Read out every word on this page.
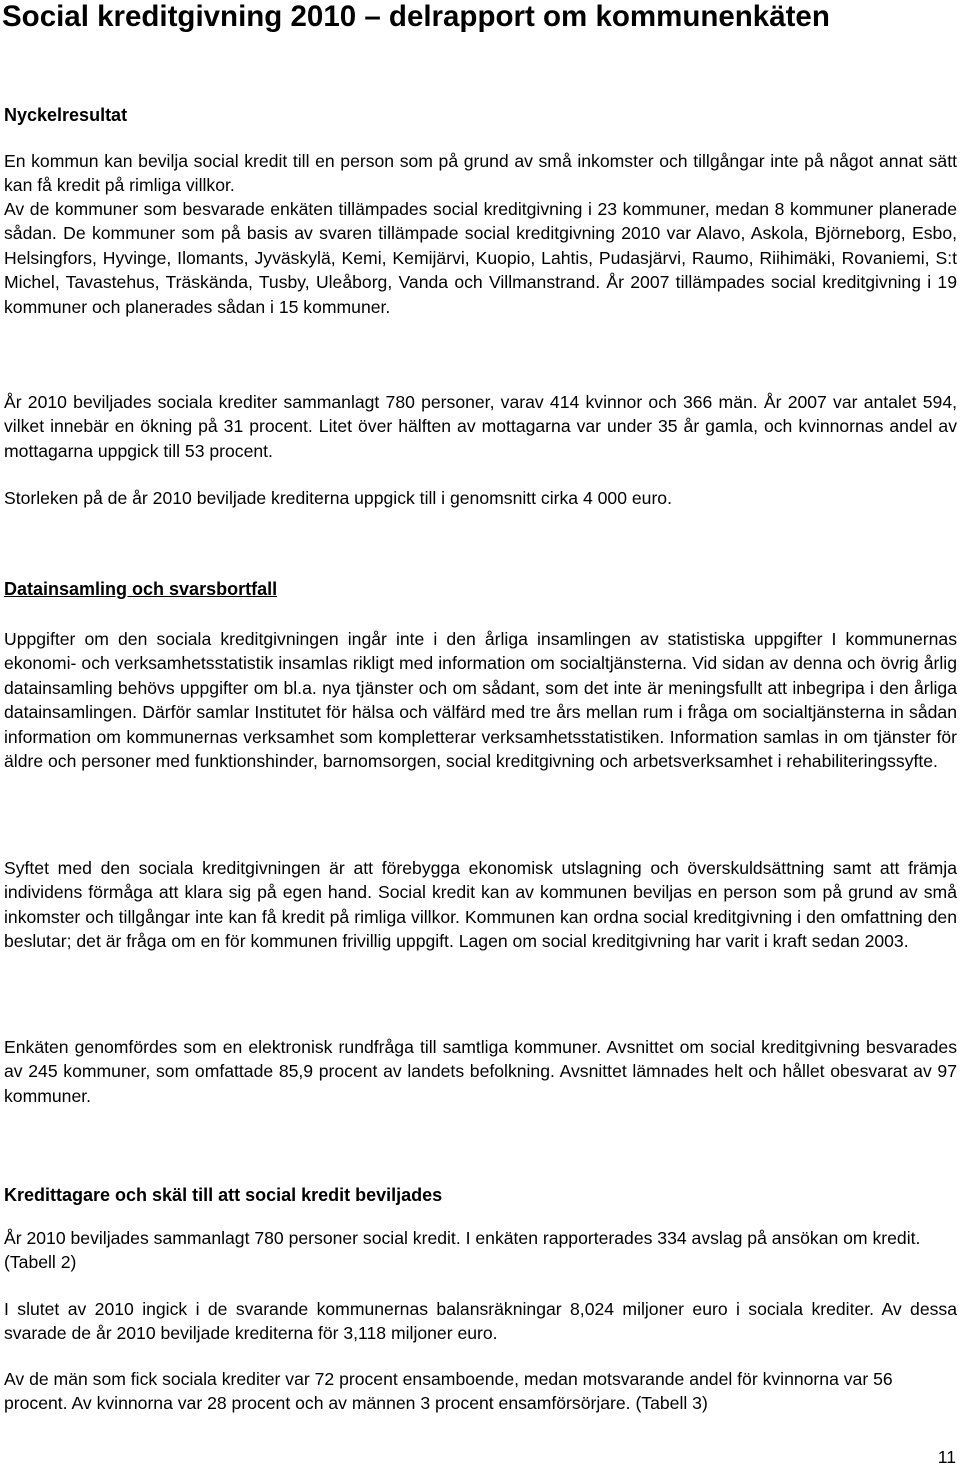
Social kreditgivning 2010 – delrapport om kommunenkäten
Nyckelresultat

En kommun kan bevilja social kredit till en person som på grund av små inkomster och tillgångar inte på något annat sätt kan få kredit på rimliga villkor.

Av de kommuner som besvarade enkäten tillämpades social kreditgivning i 23 kommuner, medan 8 kommuner planerade sådan. De kommuner som på basis av svaren tillämpade social kreditgivning 2010 var Alavo, Askola, Björneborg, Esbo, Helsingfors, Hyvinge, Ilomants, Jyväskylä, Kemi, Kemijärvi, Kuopio, Lahtis, Pudasjärvi, Raumo, Riihimäki, Rovaniemi, S:t Michel, Tavastehus, Träskända, Tusby, Uleåborg, Vanda och Villmanstrand. År 2007 tillämpades social kreditgivning i 19 kommuner och planerades sådan i 15 kommuner.

År 2010 beviljades sociala krediter sammanlagt 780 personer, varav 414 kvinnor och 366 män. År 2007 var antalet 594, vilket innebär en ökning på 31 procent. Litet över hälften av mottagarna var under 35 år gamla, och kvinnornas andel av mottagarna uppgick till 53 procent.

Storleken på de år 2010 beviljade krediterna uppgick till i genomsnitt cirka 4 000 euro.

Datainsamling och svarsbortfall

Uppgifter om den sociala kreditgivningen ingår inte i den årliga insamlingen av statistiska uppgifter I kommunernas ekonomi- och verksamhetsstatistik insamlas rikligt med information om socialtjänsterna. Vid sidan av denna och övrig årlig datainsamling behövs uppgifter om bl.a. nya tjänster och om sådant, som det inte är meningsfullt att inbegripa i den årliga datainsamlingen. Därför samlar Institutet för hälsa och välfärd med tre års mellan rum i fråga om socialtjänsterna in sådan information om kommunernas verksamhet som kompletterar verksamhetsstatistiken. Information samlas in om tjänster för äldre och personer med funktionshinder, barnomsorgen, social kreditgivning och arbetsverksamhet i rehabiliteringssyfte.

Syftet med den sociala kreditgivningen är att förebygga ekonomisk utslagning och överskuldsättning samt att främja individens förmåga att klara sig på egen hand. Social kredit kan av kommunen beviljas en person som på grund av små inkomster och tillgångar inte kan få kredit på rimliga villkor. Kommunen kan ordna social kreditgivning i den omfattning den beslutar; det är fråga om en för kommunen frivillig uppgift. Lagen om social kreditgivning har varit i kraft sedan 2003.

Enkäten genomfördes som en elektronisk rundfråga till samtliga kommuner. Avsnittet om social kreditgivning besvarades av 245 kommuner, som omfattade 85,9 procent av landets befolkning. Avsnittet lämnades helt och hållet obesvarat av 97 kommuner.

Kredittagare och skäl till att social kredit beviljades

År 2010 beviljades sammanlagt 780 personer social kredit. I enkäten rapporterades 334 avslag på ansökan om kredit. (Tabell 2)

I slutet av 2010 ingick i de svarande kommunernas balansräkningar 8,024 miljoner euro i sociala krediter. Av dessa svarade de år 2010 beviljade krediterna för 3,118 miljoner euro.

Av de män som fick sociala krediter var 72 procent ensamboende, medan motsvarande andel för kvinnorna var 56 procent. Av kvinnorna var 28 procent och av männen 3 procent ensamförsörjare. (Tabell 3)

11
